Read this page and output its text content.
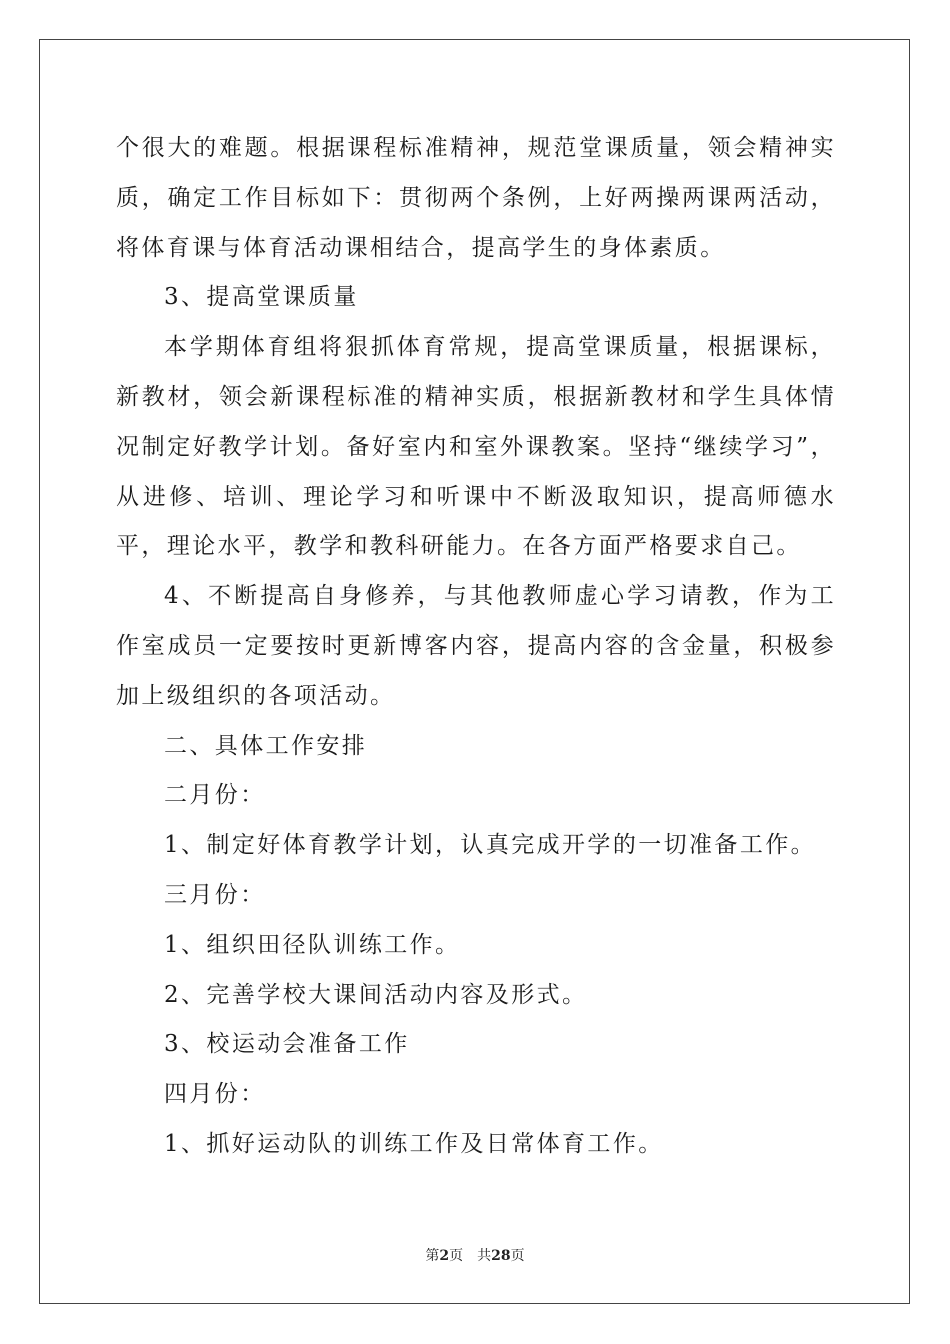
个很大的难题。根据课程标准精神，规范堂课质量，领会精神实质，确定工作目标如下：贯彻两个条例，上好两操两课两活动，将体育课与体育活动课相结合，提高学生的身体素质。

3、提高堂课质量

本学期体育组将狠抓体育常规，提高堂课质量，根据课标，新教材，领会新课程标准的精神实质，根据新教材和学生具体情况制定好教学计划。备好室内和室外课教案。坚持“继续学习”，从进修、培训、理论学习和听课中不断汲取知识，提高师德水平，理论水平，教学和教科研能力。在各方面严格要求自己。

4、不断提高自身修养，与其他教师虚心学习请教，作为工作室成员一定要按时更新博客内容，提高内容的含金量，积极参加上级组织的各项活动。

二、具体工作安排

二月份：

1、制定好体育教学计划，认真完成开学的一切准备工作。

三月份：

1、组织田径队训练工作。

2、完善学校大课间活动内容及形式。

3、校运动会准备工作

四月份：

1、抓好运动队的训练工作及日常体育工作。

第2页 共28页
